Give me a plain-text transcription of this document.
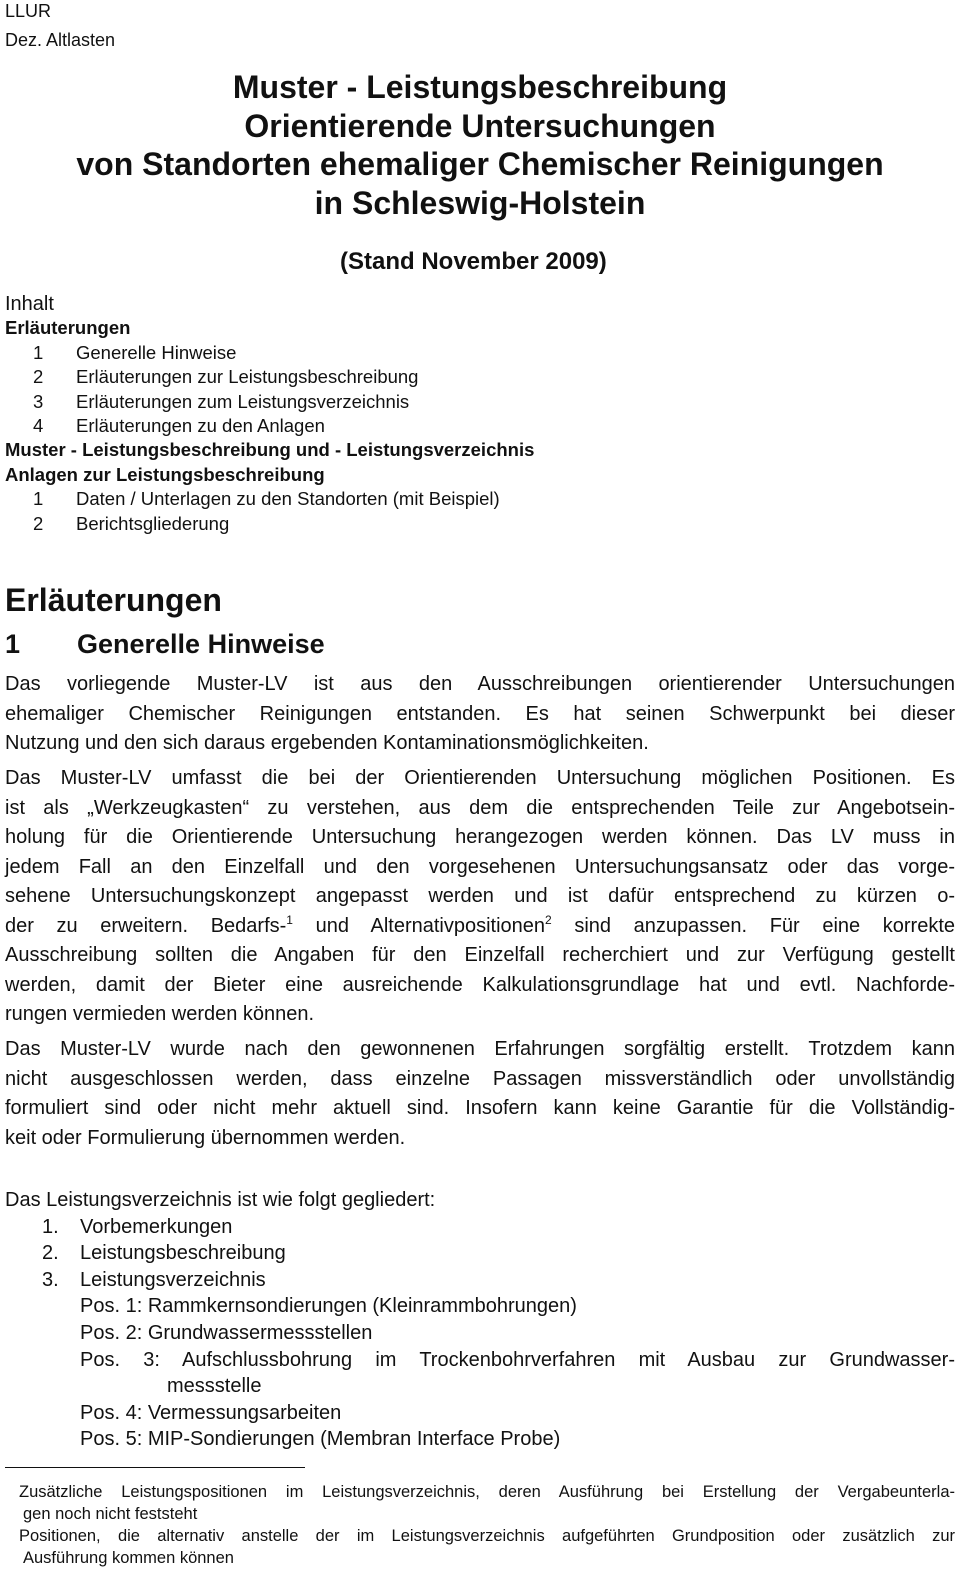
LLUR
Dez. Altlasten
Muster - Leistungsbeschreibung
Orientierende Untersuchungen
von Standorten ehemaliger Chemischer Reinigungen
in Schleswig-Holstein
(Stand November 2009)
Inhalt
Erläuterungen
1 Generelle Hinweise
2 Erläuterungen zur Leistungsbeschreibung
3 Erläuterungen zum Leistungsverzeichnis
4 Erläuterungen zu den Anlagen
Muster - Leistungsbeschreibung und - Leistungsverzeichnis
Anlagen zur Leistungsbeschreibung
1 Daten / Unterlagen zu den Standorten (mit Beispiel)
2 Berichtsgliederung
Erläuterungen
1 Generelle Hinweise
Das vorliegende Muster-LV ist aus den Ausschreibungen orientierender Untersuchungen
ehemaliger Chemischer Reinigungen entstanden. Es hat seinen Schwerpunkt bei dieser
Nutzung und den sich daraus ergebenden Kontaminationsmöglichkeiten.
Das Muster-LV umfasst die bei der Orientierenden Untersuchung möglichen Positionen. Es
ist als „Werkzeugkasten“ zu verstehen, aus dem die entsprechenden Teile zur Angebotsein-
holung für die Orientierende Untersuchung herangezogen werden können. Das LV muss in
jedem Fall an den Einzelfall und den vorgesehenen Untersuchungsansatz oder das vorge-
sehene Untersuchungskonzept angepasst werden und ist dafür entsprechend zu kürzen o-
der zu erweitern. Bedarfs-$^1$ und Alternativpositionen$^2$ sind anzupassen. Für eine korrekte
Ausschreibung sollten die Angaben für den Einzelfall recherchiert und zur Verfügung gestellt
werden, damit der Bieter eine ausreichende Kalkulationsgrundlage hat und evtl. Nachforde-
rungen vermieden werden können.
Das Muster-LV wurde nach den gewonnenen Erfahrungen sorgfältig erstellt. Trotzdem kann
nicht ausgeschlossen werden, dass einzelne Passagen missverständlich oder unvollständig
formuliert sind oder nicht mehr aktuell sind. Insofern kann keine Garantie für die Vollständig-
keit oder Formulierung übernommen werden.
Das Leistungsverzeichnis ist wie folgt gegliedert:
1. Vorbemerkungen
2. Leistungsbeschreibung
3. Leistungsverzeichnis
Pos. 1: Rammkernsondierungen (Kleinrammbohrungen)
Pos. 2: Grundwassermessstellen
Pos. 3: Aufschlussbohrung im Trockenbohrverfahren mit Ausbau zur Grundwasser-
messstelle
Pos. 4: Vermessungsarbeiten
Pos. 5: MIP-Sondierungen (Membran Interface Probe)
Zusätzliche Leistungspositionen im Leistungsverzeichnis, deren Ausführung bei Erstellung der Vergabeunterla-
gen noch nicht feststeht
Positionen, die alternativ anstelle der im Leistungsverzeichnis aufgeführten Grundposition oder zusätzlich zur
Ausführung kommen können
